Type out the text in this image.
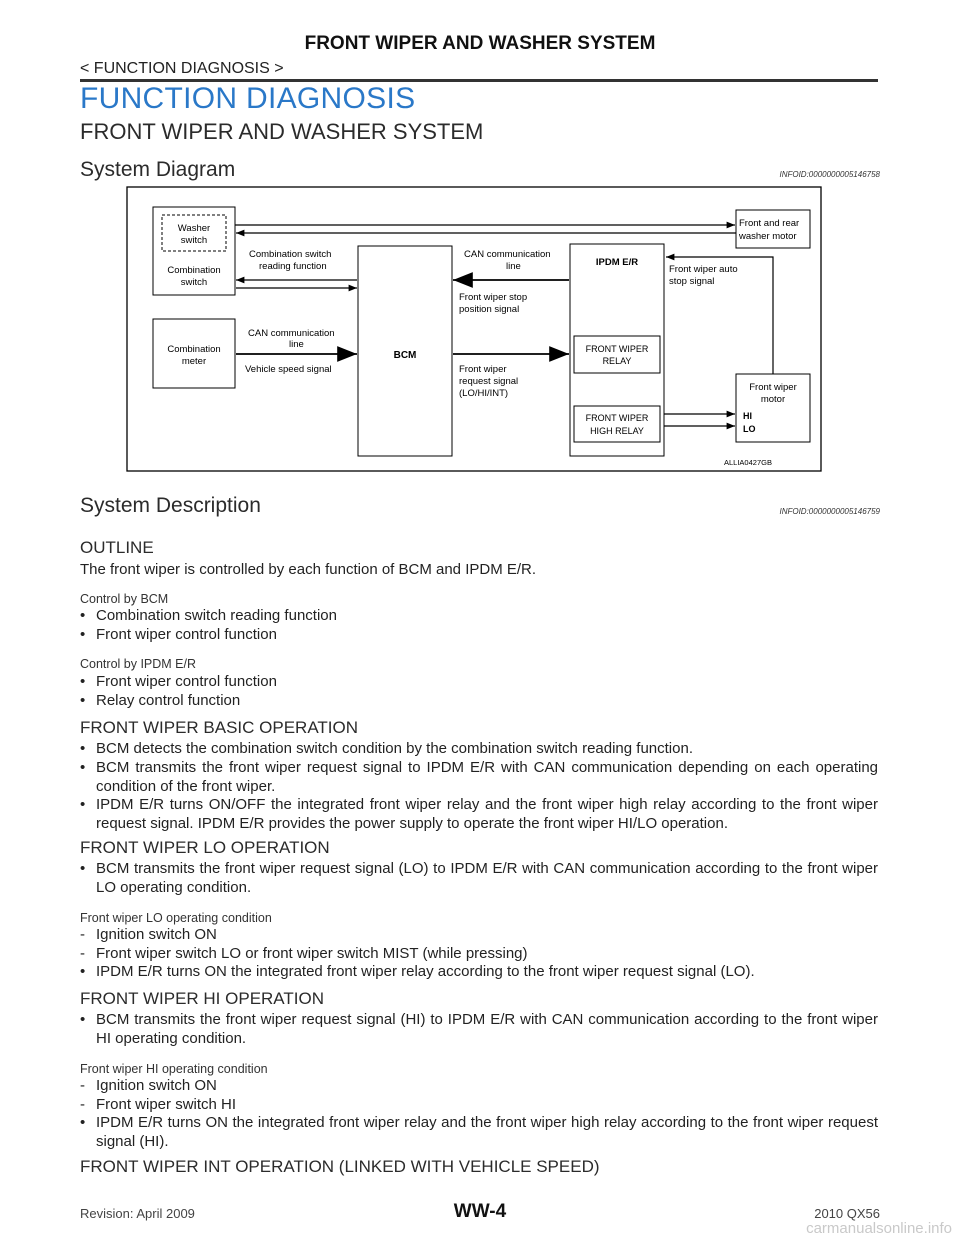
FRONT WIPER AND WASHER SYSTEM
< FUNCTION DIAGNOSIS >
FUNCTION DIAGNOSIS
FRONT WIPER AND WASHER SYSTEM
System Diagram	INFOID:0000000005146758
Washer
switch
Combination
switch
Combination
meter
BCM
IPDM E/R
FRONT WIPER
RELAY
FRONT WIPER
HIGH RELAY
Front and rear
washer motor
Front wiper
motor
HI
LO
Combination switch
reading function
CAN communication
line
Vehicle speed signal
CAN communication
line
Front wiper stop
position signal
Front wiper
request signal
(LO/HI/INT)
Front wiper auto
stop signal
ALLIA0427GB
System Description	INFOID:0000000005146759
OUTLINE
The front wiper is controlled by each function of BCM and IPDM E/R.
Control by BCM
• Combination switch reading function
• Front wiper control function
Control by IPDM E/R
• Front wiper control function
• Relay control function
FRONT WIPER BASIC OPERATION
• BCM detects the combination switch condition by the combination switch reading function.
• BCM transmits the front wiper request signal to IPDM E/R with CAN communication depending on each operating condition of the front wiper.
• IPDM E/R turns ON/OFF the integrated front wiper relay and the front wiper high relay according to the front wiper request signal. IPDM E/R provides the power supply to operate the front wiper HI/LO operation.
FRONT WIPER LO OPERATION
• BCM transmits the front wiper request signal (LO) to IPDM E/R with CAN communication according to the front wiper LO operating condition.
Front wiper LO operating condition
- Ignition switch ON
- Front wiper switch LO or front wiper switch MIST (while pressing)
• IPDM E/R turns ON the integrated front wiper relay according to the front wiper request signal (LO).
FRONT WIPER HI OPERATION
• BCM transmits the front wiper request signal (HI) to IPDM E/R with CAN communication according to the front wiper HI operating condition.
Front wiper HI operating condition
- Ignition switch ON
- Front wiper switch HI
• IPDM E/R turns ON the integrated front wiper relay and the front wiper high relay according to the front wiper request signal (HI).
FRONT WIPER INT OPERATION (LINKED WITH VEHICLE SPEED)
Revision: April 2009	WW-4	2010 QX56
carmanualsonline.info
